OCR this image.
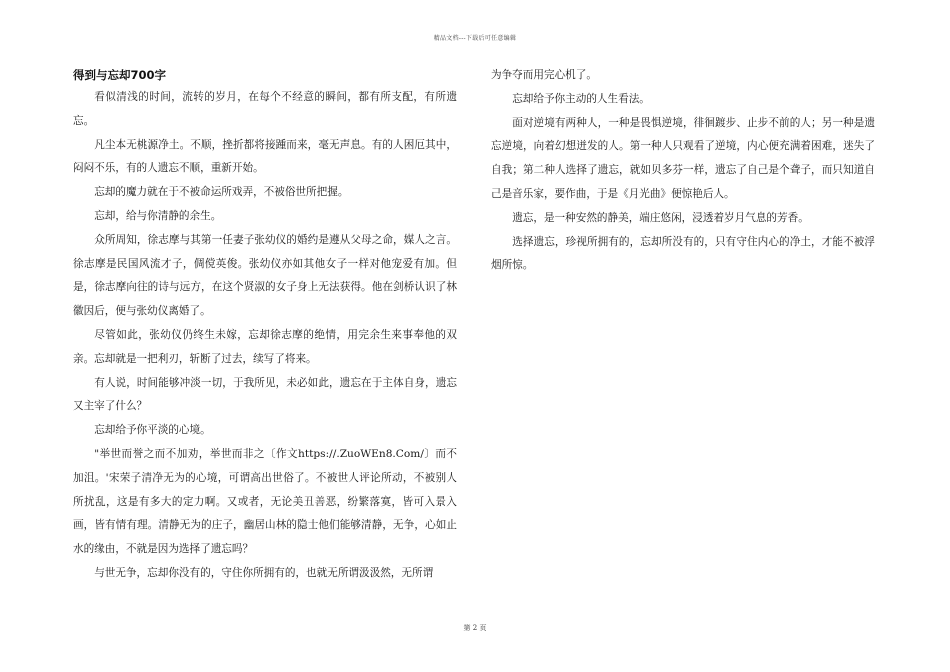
精品文档---下载后可任意编辑
得到与忘却700字

看似清浅的时间，流转的岁月，在每个不经意的瞬间，都有所支配，有所遗忘。

凡尘本无桃源净土。不顺，挫折都将接踵而来，毫无声息。有的人困厄其中，闷闷不乐，有的人遗忘不顺，重新开始。

忘却的魔力就在于不被命运所戏弄，不被俗世所把握。

忘却，给与你清静的余生。

众所周知，徐志摩与其第一任妻子张幼仪的婚约是遵从父母之命，媒人之言。徐志摩是民国风流才子，倜傥英俊。张幼仪亦如其他女子一样对他宠爱有加。但是，徐志摩向往的诗与远方，在这个贤淑的女子身上无法获得。他在剑桥认识了林徽因后，便与张幼仪离婚了。

尽管如此，张幼仪仍终生未嫁，忘却徐志摩的绝情，用完余生来事奉他的双亲。忘却就是一把利刃，斩断了过去，续写了将来。

有人说，时间能够冲淡一切，于我所见，未必如此，遗忘在于主体自身，遗忘又主宰了什么？

忘却给予你平淡的心境。

"举世而誉之而不加劝，举世而非之〔作文https://.ZuoWEn8.Com/〕而不加沮。'宋荣子清净无为的心境，可谓高出世俗了。不被世人评论所动，不被别人所扰乱，这是有多大的定力啊。又或者，无论美丑善恶，纷繁落寞，皆可入景入画，皆有情有理。清静无为的庄子，幽居山林的隐士他们能够清静，无争，心如止水的缘由，不就是因为选择了遗忘吗？

与世无争，忘却你没有的，守住你所拥有的，也就无所谓汲汲然，无所谓

为争夺而用完心机了。

忘却给予你主动的人生看法。

面对逆境有两种人，一种是畏惧逆境，徘徊踱步、止步不前的人；另一种是遗忘逆境，向着幻想迸发的人。第一种人只观看了逆境，内心便充满着困难，迷失了自我；第二种人选择了遗忘，就如贝多芬一样，遗忘了自己是个聋子，而只知道自己是音乐家，要作曲，于是《月光曲》便惊艳后人。

遗忘，是一种安然的静美，端庄悠闲，浸透着岁月气息的芳香。

选择遗忘，珍视所拥有的，忘却所没有的，只有守住内心的净土，才能不被浮烟所惊。

第 2 页
